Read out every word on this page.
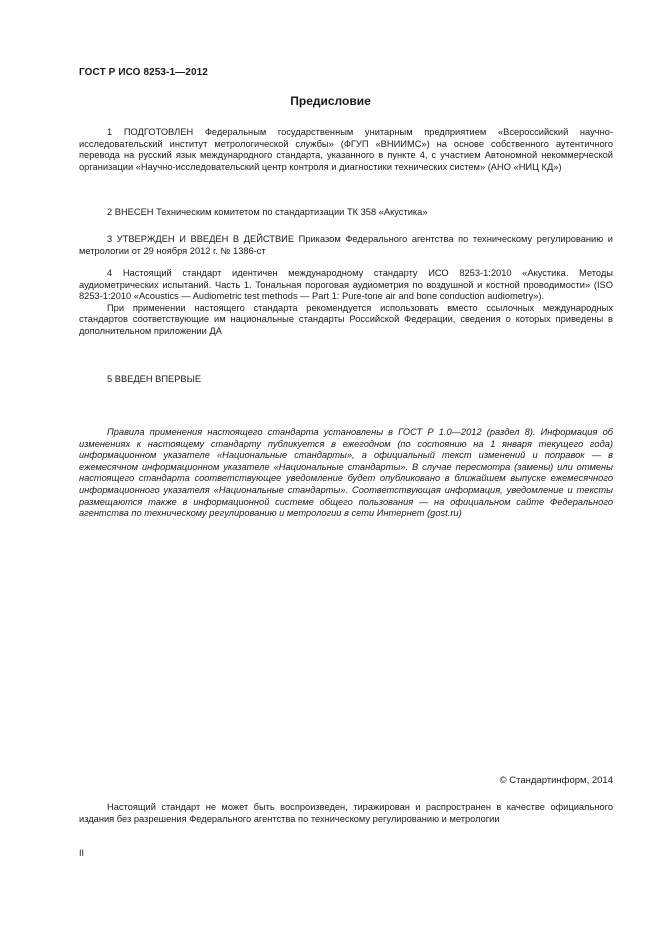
ГОСТ Р ИСО 8253-1—2012
Предисловие

1 ПОДГОТОВЛЕН Федеральным государственным унитарным предприятием «Всероссийский научно-исследовательский институт метрологической службы» (ФГУП «ВНИИМС») на основе собственного аутентичного перевода на русский язык международного стандарта, указанного в пункте 4, с участием Автономной некоммерческой организации «Научно-исследовательский центр контроля и диагностики технических систем» (АНО «НИЦ КД»)

2 ВНЕСЕН Техническим комитетом по стандартизации ТК 358 «Акустика»

3 УТВЕРЖДЕН И ВВЕДЕН В ДЕЙСТВИЕ Приказом Федерального агентства по техническому регулированию и метрологии от 29 ноября 2012 г. № 1386-ст

4 Настоящий стандарт идентичен международному стандарту ИСО 8253-1:2010 «Акустика. Методы аудиометрических испытаний. Часть 1. Тональная пороговая аудиометрия по воздушной и костной проводимости» (ISO 8253-1:2010 «Acoustics — Audiometric test methods — Part 1: Pure-tone air and bone conduction audiometry»).

При применении настоящего стандарта рекомендуется использовать вместо ссылочных международных стандартов соответствующие им национальные стандарты Российской Федерации, сведения о которых приведены в дополнительном приложении ДА

5 ВВЕДЕН ВПЕРВЫЕ

Правила применения настоящего стандарта установлены в ГОСТ Р 1.0—2012 (раздел 8). Информация об изменениях к настоящему стандарту публикуется в ежегодном (по состоянию на 1 января текущего года) информационном указателе «Национальные стандарты», а официальный текст изменений и поправок — в ежемесячном информационном указателе «Национальные стандарты». В случае пересмотра (замены) или отмены настоящего стандарта соответствующее уведомление будет опубликовано в ближайшем выпуске ежемесячного информационного указателя «Национальные стандарты». Соответствующая информация, уведомление и тексты размещаются также в информационной системе общего пользования — на официальном сайте Федерального агентства по техническому регулированию и метрологии в сети Интернет (gost.ru)

© Стандартинформ, 2014

Настоящий стандарт не может быть воспроизведен, тиражирован и распространен в качестве официального издания без разрешения Федерального агентства по техническому регулированию и метрологии

II
